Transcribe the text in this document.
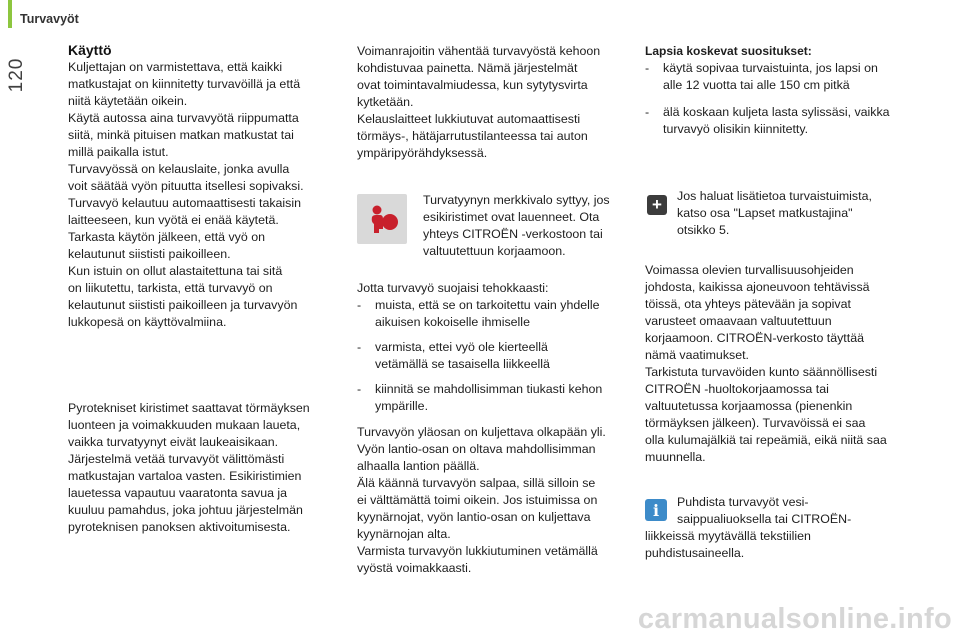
Turvavyöt
120

Käyttö

Kuljettajan on varmistettava, että kaikki
matkustajat on kiinnitetty turvavöillä ja että
niitä käytetään oikein.
Käytä autossa aina turvavyötä riippumatta
siitä, minkä pituisen matkan matkustat tai
millä paikalla istut.
Turvavyössä on kelauslaite, jonka avulla
voit säätää vyön pituutta itsellesi sopivaksi.
Turvavyö kelautuu automaattisesti takaisin
laitteeseen, kun vyötä ei enää käytetä.
Tarkasta käytön jälkeen, että vyö on
kelautunut siististi paikoilleen.
Kun istuin on ollut alastaitettuna tai sitä
on liikutettu, tarkista, että turvavyö on
kelautunut siististi paikoilleen ja turvavyön
lukkopesä on käyttövalmiina.

Pyrotekniset kiristimet saattavat törmäyksen
luonteen ja voimakkuuden mukaan laueta,
vaikka turvatyynyt eivät laukeaisikaan.
Järjestelmä vetää turvavyöt välittömästi
matkustajan vartaloa vasten. Esikiristimien
lauetessa vapautuu vaaratonta savua ja
kuuluu pamahdus, joka johtuu järjestelmän
pyroteknisen panoksen aktivoitumisesta.

Voimanrajoitin vähentää turvavyöstä kehoon
kohdistuvaa painetta. Nämä järjestelmät
ovat toimintavalmiudessa, kun sytytysvirta
kytketään.
Kelauslaitteet lukkiutuvat automaattisesti
törmäys-, hätäjarrutustilanteessa tai auton
ympäripyörähdyksessä.

Turvatyynyn merkkivalo syttyy, jos
esikiristimet ovat lauenneet. Ota
yhteys CITROËN -verkostoon tai
valtuutettuun korjaamoon.

Jotta turvavyö suojaisi tehokkaasti:

- muista, että se on tarkoitettu vain yhdelle
aikuisen kokoiselle ihmiselle
- varmista, ettei vyö ole kierteellä
vetämällä se tasaisella liikkeellä
- kiinnitä se mahdollisimman tiukasti kehon
ympärille.

Turvavyön yläosan on kuljettava olkapään yli.
Vyön lantio-osan on oltava mahdollisimman
alhaalla lantion päällä.
Älä käännä turvavyön salpaa, sillä silloin se
ei välttämättä toimi oikein. Jos istuimissa on
kyynärnojat, vyön lantio-osan on kuljettava
kyynärnojan alta.
Varmista turvavyön lukkiutuminen vetämällä
vyöstä voimakkaasti.

Lapsia koskevat suositukset:

- käytä sopivaa turvaistuinta, jos lapsi on
alle 12 vuotta tai alle 150 cm pitkä
- älä koskaan kuljeta lasta sylissäsi, vaikka
turvavyö olisikin kiinnitetty.
+	Jos haluat lisätietoa turvaistuimista,
katso osa "Lapset matkustajina"
otsikko 5.

Voimassa olevien turvallisuusohjeiden
johdosta, kaikissa ajoneuvoon tehtävissä
töissä, ota yhteys pätevään ja sopivat
varusteet omaavaan valtuutettuun
korjaamoon. CITROËN-verkosto täyttää
nämä vaatimukset.
Tarkistuta turvavöiden kunto säännöllisesti
CITROËN -huoltokorjaamossa tai
valtuutetussa korjaamossa (pienenkin
törmäyksen jälkeen). Turvavöissä ei saa
olla kulumajälkiä tai repeämiä, eikä niitä saa
muunnella.

i	Puhdista turvavyöt vesi-
saippualiuoksella tai CITROËN-

liikkeissä myytävällä tekstiilien
puhdistusaineella.

carmanualsonline.info
